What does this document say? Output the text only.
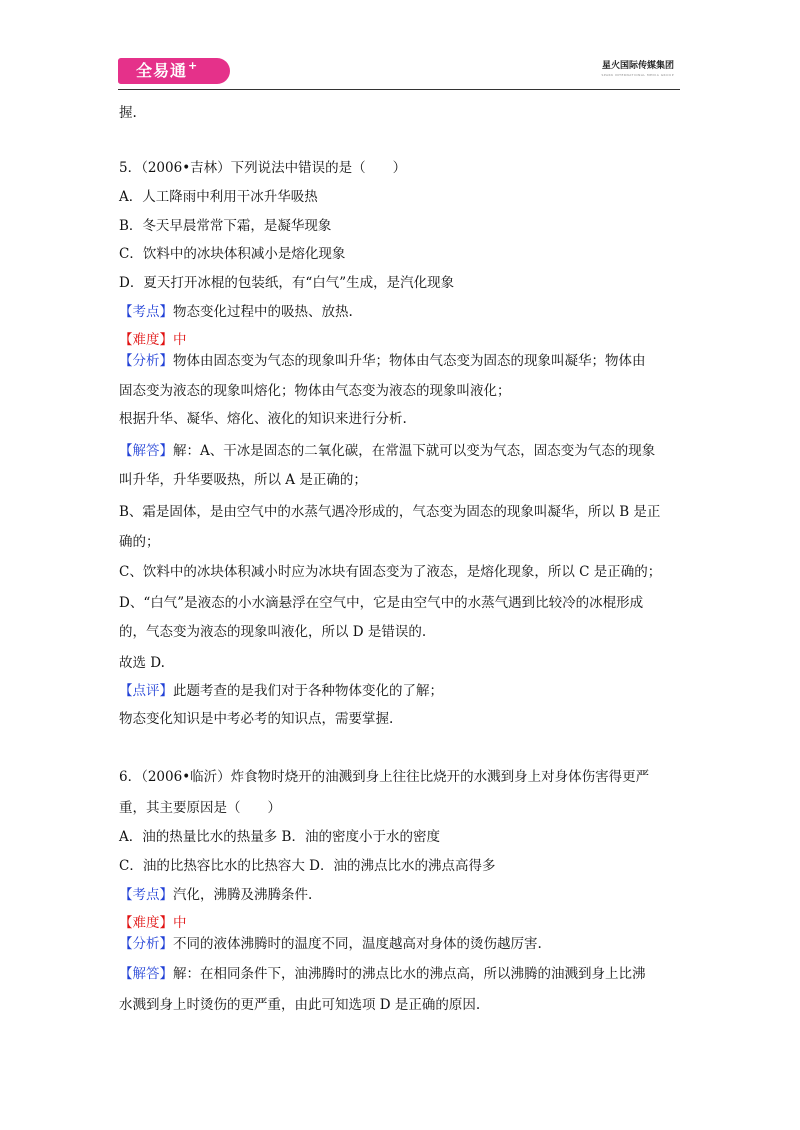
全易通+	星火国际传媒集团
SPARK INTERNATIONAL MEDIA GROUP
握.
5．（2006•吉林）下列说法中错误的是（　　）
A．人工降雨中利用干冰升华吸热
B．冬天早晨常常下霜，是凝华现象
C．饮料中的冰块体积减小是熔化现象
D．夏天打开冰棍的包装纸，有“白气”生成，是汽化现象
【考点】物态变化过程中的吸热、放热.
【难度】中
【分析】物体由固态变为气态的现象叫升华；物体由气态变为固态的现象叫凝华；物体由
固态变为液态的现象叫熔化；物体由气态变为液态的现象叫液化；
根据升华、凝华、熔化、液化的知识来进行分析.
【解答】解：A、干冰是固态的二氧化碳，在常温下就可以变为气态，固态变为气态的现象
叫升华，升华要吸热，所以 A 是正确的；
B、霜是固体，是由空气中的水蒸气遇冷形成的，气态变为固态的现象叫凝华，所以 B 是正
确的；
C、饮料中的冰块体积减小时应为冰块有固态变为了液态，是熔化现象，所以 C 是正确的；
D、“白气”是液态的小水滴悬浮在空气中，它是由空气中的水蒸气遇到比较冷的冰棍形成
的，气态变为液态的现象叫液化，所以 D 是错误的.
故选 D.
【点评】此题考查的是我们对于各种物体变化的了解；
物态变化知识是中考必考的知识点，需要掌握.
6．（2006•临沂）炸食物时烧开的油溅到身上往往比烧开的水溅到身上对身体伤害得更严
重，其主要原因是（　　）
A．油的热量比水的热量多 B．油的密度小于水的密度
C．油的比热容比水的比热容大 D．油的沸点比水的沸点高得多
【考点】汽化，沸腾及沸腾条件.
【难度】中
【分析】不同的液体沸腾时的温度不同，温度越高对身体的烫伤越厉害.
【解答】解：在相同条件下，油沸腾时的沸点比水的沸点高，所以沸腾的油溅到身上比沸
水溅到身上时烫伤的更严重，由此可知选项 D 是正确的原因.
